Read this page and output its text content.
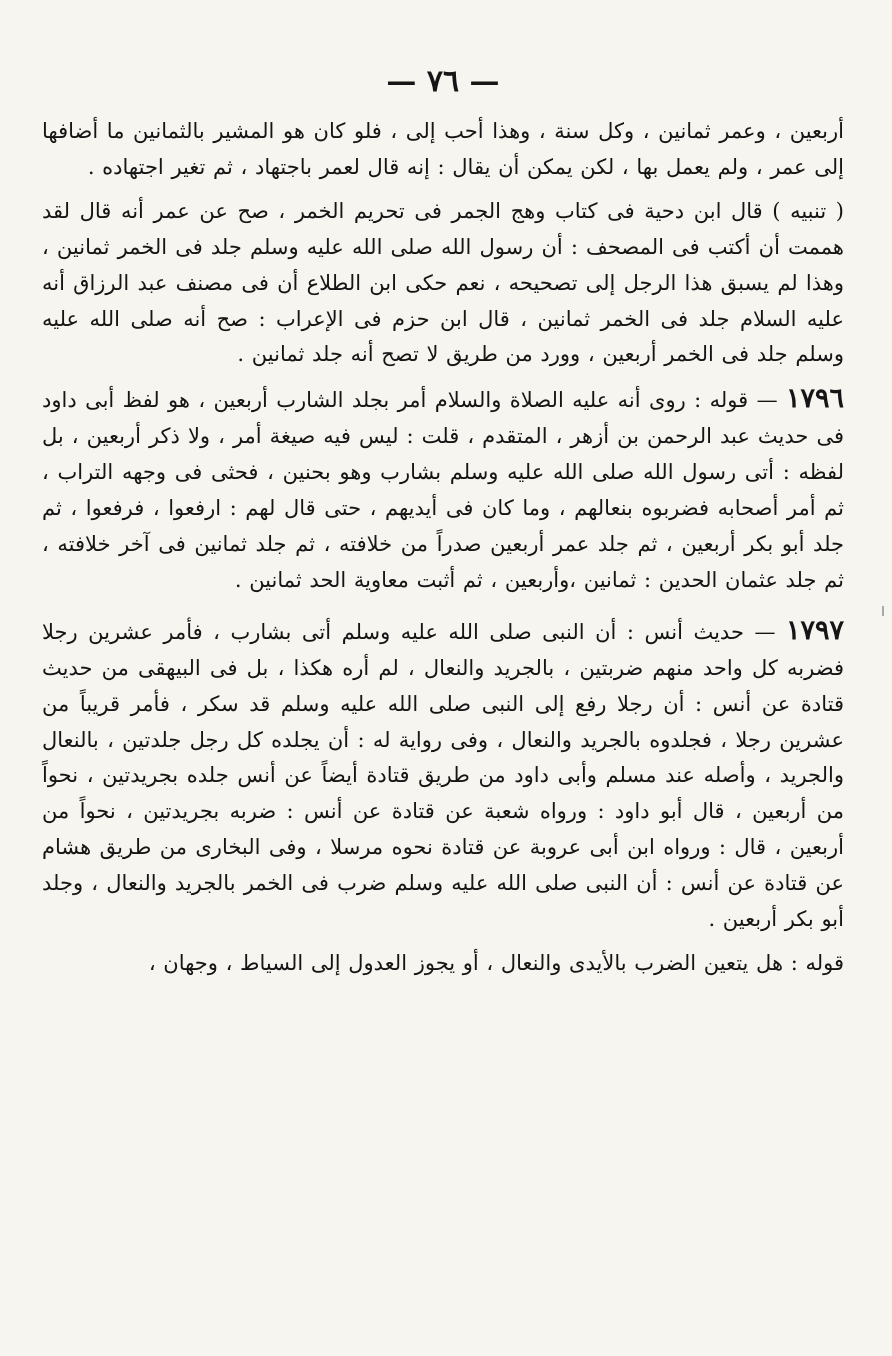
— ٧٦ —

أربعين ، وعمر ثمانين ، وكل سنة ، وهذا أحب إلى ، فلو كان هو المشير بالثمانين ما أضافها إلى عمر ، ولم يعمل بها ، لكن يمكن أن يقال : إنه قال لعمر باجتهاد ، ثم تغير اجتهاده .

( تنبيه ) قال ابن دحية فى كتاب وهج الجمر فى تحريم الخمر ، صح عن عمر أنه قال لقد هممت أن أكتب فى المصحف : أن رسول الله صلى الله عليه وسلم جلد فى الخمر ثمانين ، وهذا لم يسبق هذا الرجل إلى تصحيحه ، نعم حكى ابن الطلاع أن فى مصنف عبد الرزاق أنه عليه السلام جلد فى الخمر ثمانين ، قال ابن حزم فى الإعراب : صح أنه صلى الله عليه وسلم جلد فى الخمر أربعين ، وورد من طريق لا تصح أنه جلد ثمانين .

١٧٩٦ — قوله : روى أنه عليه الصلاة والسلام أمر بجلد الشارب أربعين ، هو لفظ أبى داود فى حديث عبد الرحمن بن أزهر ، المتقدم ، قلت : ليس فيه صيغة أمر ، ولا ذكر أربعين ، بل لفظه : أتى رسول الله صلى الله عليه وسلم بشارب وهو بحنين ، فحثى فى وجهه التراب ، ثم أمر أصحابه فضربوه بنعالهم ، وما كان فى أيديهم ، حتى قال لهم : ارفعوا ، فرفعوا ، ثم جلد أبو بكر أربعين ، ثم جلد عمر أربعين صدراً من خلافته ، ثم جلد ثمانين فى آخر خلافته ، ثم جلد عثمان الحدين : ثمانين ،وأربعين ، ثم أثبت معاوية الحد ثمانين .

١٧٩٧ — حديث أنس : أن النبى صلى الله عليه وسلم أتى بشارب ، فأمر عشرين رجلا فضربه كل واحد منهم ضربتين ، بالجريد والنعال ، لم أره هكذا ، بل فى البيهقى من حديث قتادة عن أنس : أن رجلا رفع إلى النبى صلى الله عليه وسلم قد سكر ، فأمر قريباً من عشرين رجلا ، فجلدوه بالجريد والنعال ، وفى رواية له : أن يجلده كل رجل جلدتين ، بالنعال والجريد ، وأصله عند مسلم وأبى داود من طريق قتادة أيضاً عن أنس جلده بجريدتين ، نحواً من أربعين ، قال أبو داود : ورواه شعبة عن قتادة عن أنس : ضربه بجريدتين ، نحواً من أربعين ، قال : ورواه ابن أبى عروبة عن قتادة نحوه مرسلا ، وفى البخارى من طريق هشام عن قتادة عن أنس : أن النبى صلى الله عليه وسلم ضرب فى الخمر بالجريد والنعال ، وجلد أبو بكر أربعين .

قوله : هل يتعين الضرب بالأيدى والنعال ، أو يجوز العدول إلى السياط ، وجهان ،
